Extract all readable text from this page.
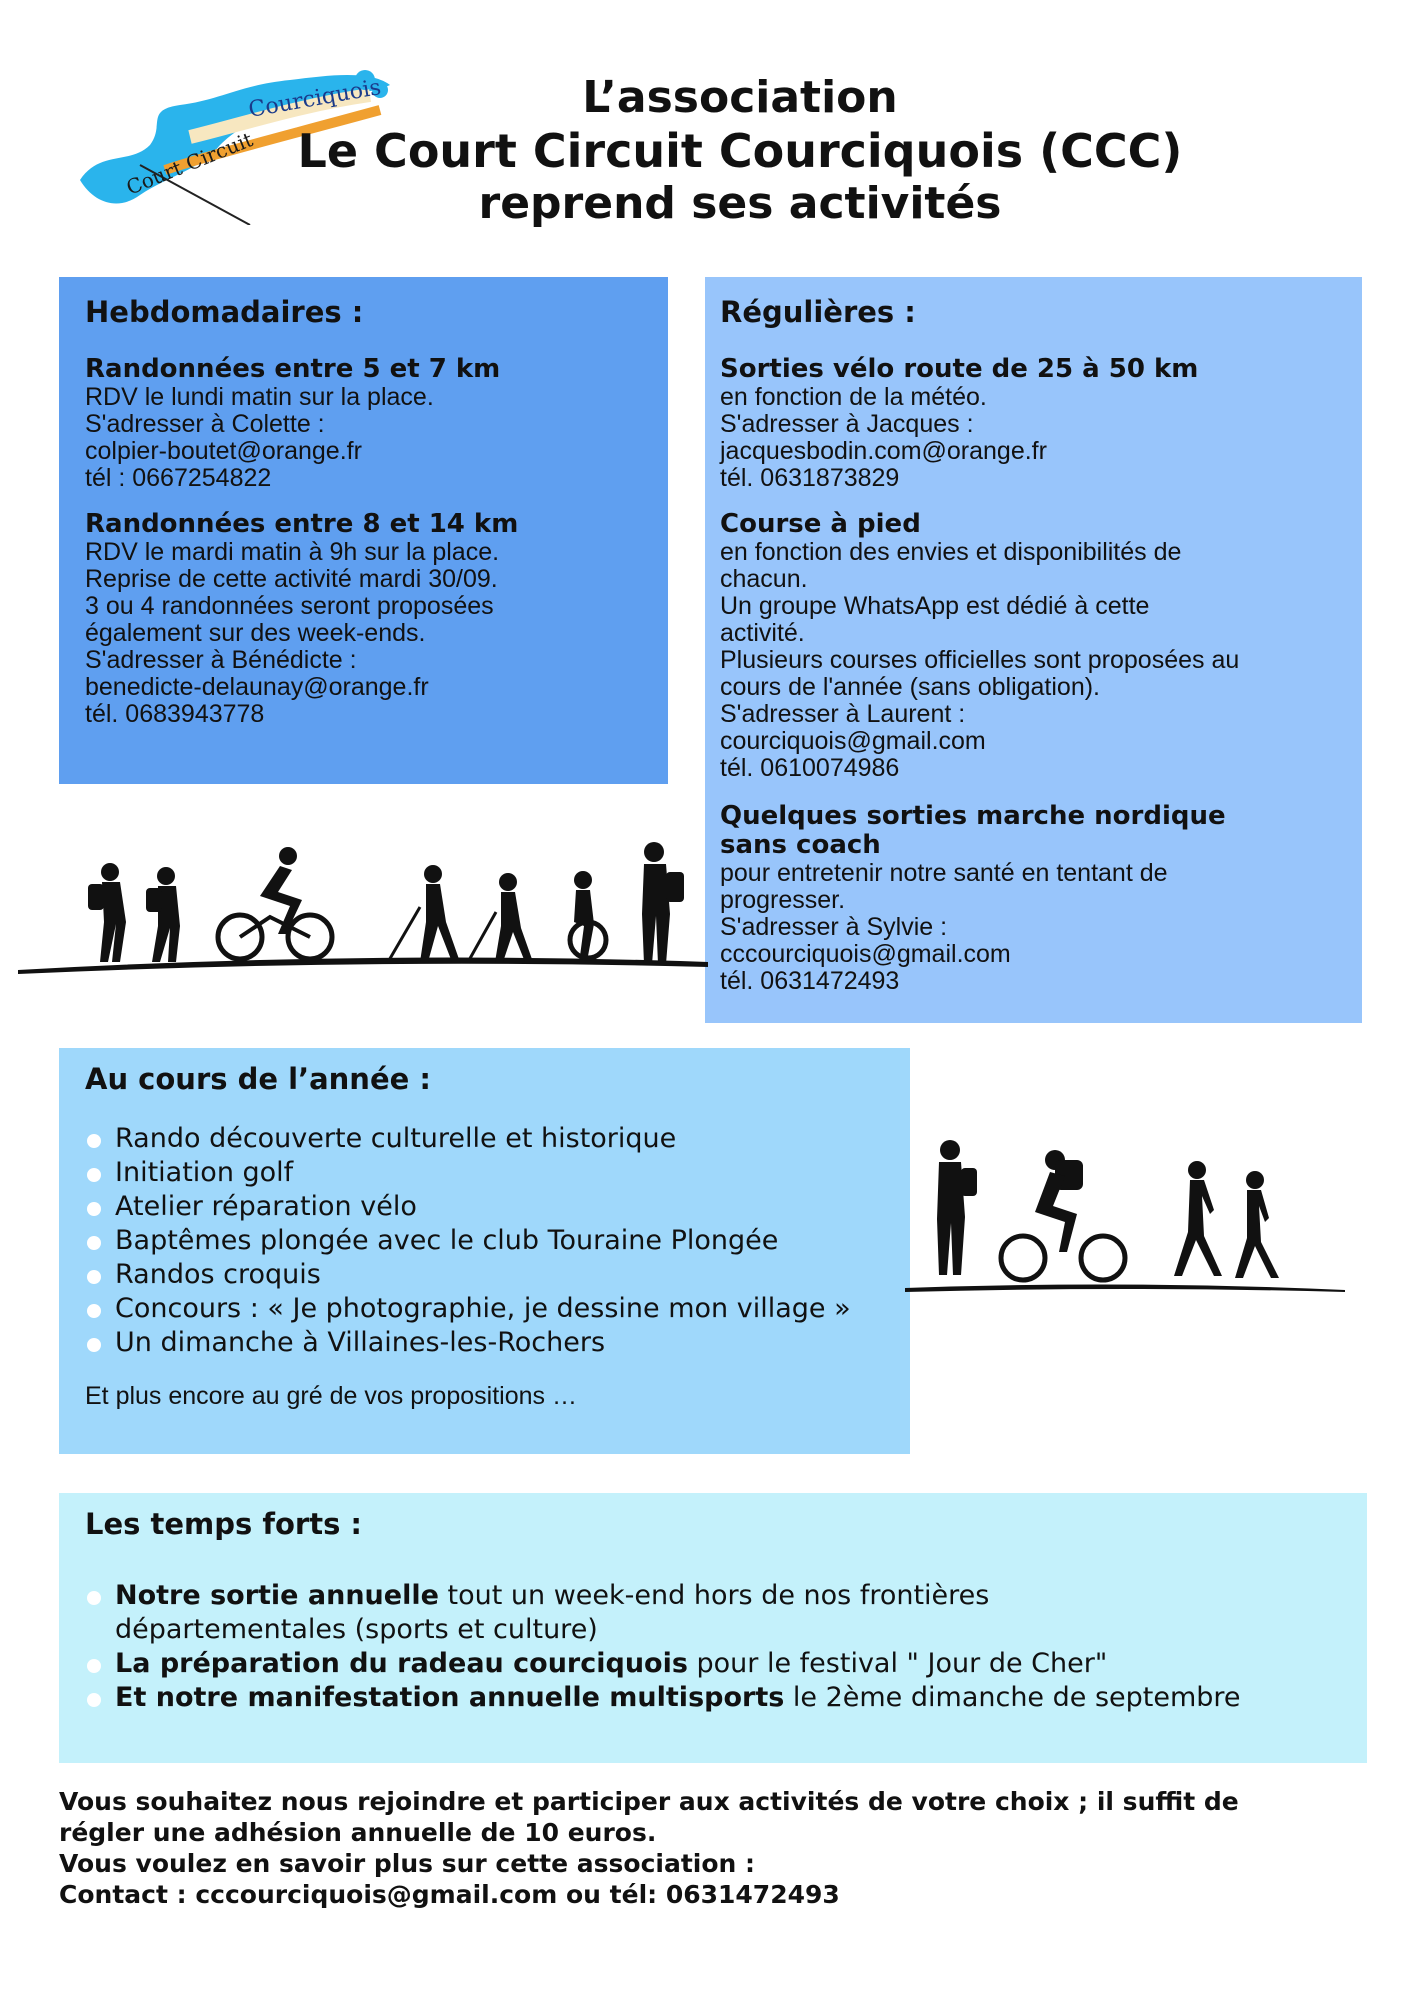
Courciquois
Court Circuit
L’association
Le Court Circuit Courciquois (CCC)
reprend ses activités
Hebdomadaires :
Randonnées entre 5 et 7 km
RDV le lundi matin sur la place.
S'adresser à Colette :
colpier-boutet@orange.fr
tél : 0667254822
Randonnées entre 8 et 14 km
RDV le mardi matin à 9h sur la place.
Reprise de cette activité mardi 30/09.
3 ou 4 randonnées seront proposées
également sur des week-ends.
S'adresser à Bénédicte :
benedicte-delaunay@orange.fr
tél. 0683943778
Régulières :
Sorties vélo route de 25 à 50 km
en fonction de la météo.
S'adresser à Jacques :
jacquesbodin.com@orange.fr
tél. 0631873829
Course à pied
en fonction des envies et disponibilités de
chacun.
Un groupe WhatsApp est dédié à cette
activité.
Plusieurs courses officielles sont proposées au
cours de l'année (sans obligation).
S'adresser à Laurent :
courciquois@gmail.com
tél. 0610074986
Quelques sorties marche nordique
sans coach
pour entretenir notre santé en tentant de
progresser.
S'adresser à Sylvie :
cccourciquois@gmail.com
tél. 0631472493
Au cours de l’année :
Rando découverte culturelle et historique
Initiation golf
Atelier réparation vélo
Baptêmes plongée avec le club Touraine Plongée
Randos croquis
Concours : « Je photographie, je dessine mon village »
Un dimanche à Villaines-les-Rochers
Et plus encore au gré de vos propositions …
Les temps forts :
Notre sortie annuelle tout un week-end hors de nos frontières
départementales (sports et culture)
La préparation du radeau courciquois pour le festival " Jour de Cher"
Et notre manifestation annuelle multisports le 2ème dimanche de septembre
Vous souhaitez nous rejoindre et participer aux activités de votre choix ; il suffit de
régler une adhésion annuelle de 10 euros.
Vous voulez en savoir plus sur cette association :
Contact : cccourciquois@gmail.com ou tél: 0631472493
